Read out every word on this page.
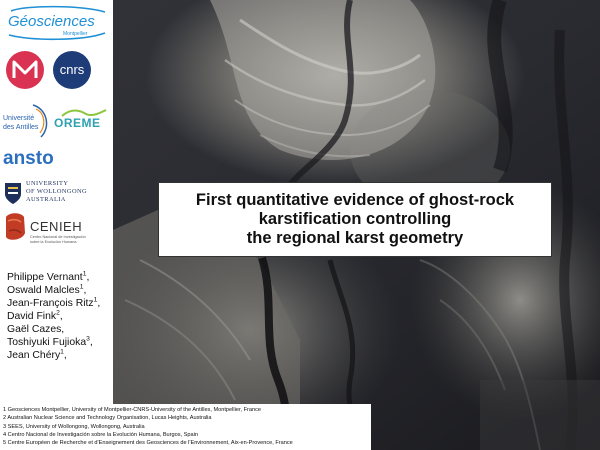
Géosciences
Montpellier
cnrs
Université
des Antilles OREME
ansto
UNIVERSITY
OF WOLLONGONG
AUSTRALIA
CENIEH
Centro Nacional de Investigación
sobre la Evolución Humana
Philippe Vernant$^1$,
Oswald Malcles$^1$,
Jean-François Ritz$^1$,
David Fink$^2$,
Gaël Cazes,
Toshiyuki Fujioka$^3$,
Jean Chéry$^1$,
First quantitative evidence of ghost-rock
karstification controlling
the regional karst geometry
1 Geosciences Montpellier, University of Montpellier-CNRS-University of the Antilles, Montpellier, France
2 Australian Nuclear Science and Technology Organisation, Lucas Heights, Australia
3 SEES, University of Wollongong, Wollongong, Australia
4 Centro Nacional de Investigación sobre la Evolución Humana, Burgos, Spain
5 Centre Européen de Recherche et d'Enseignement des Geosciences de l'Environnement, Aix-en-Provence, France
